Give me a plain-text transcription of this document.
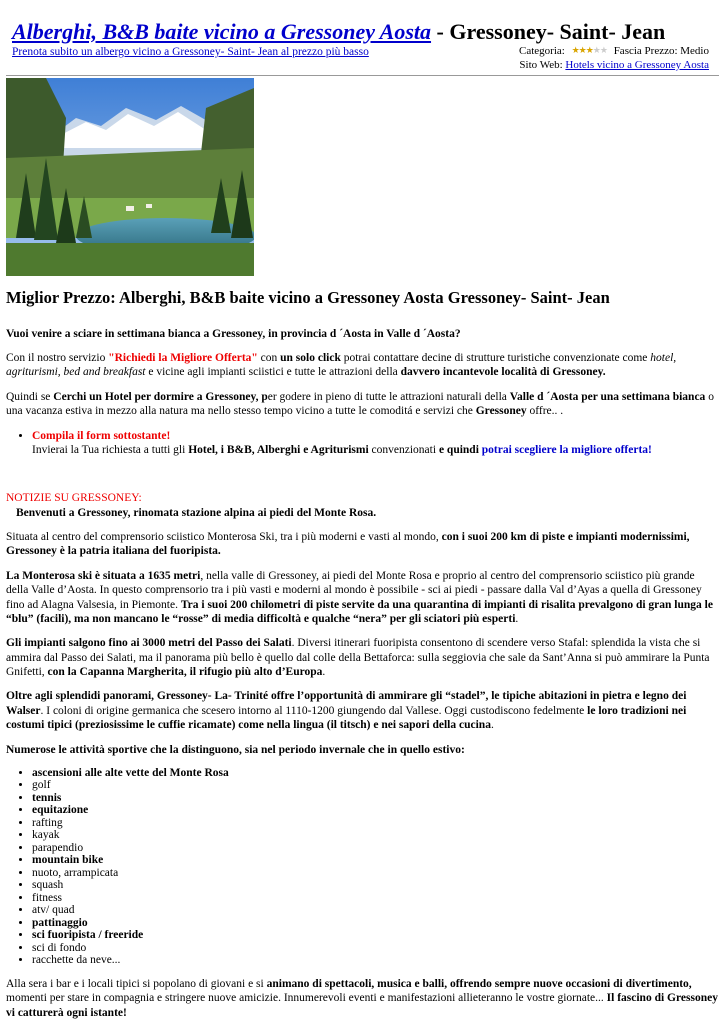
Alberghi, B&B baite vicino a Gressoney Aosta - Gressoney- Saint- Jean
Prenota subito un albergo vicino a Gressoney- Saint- Jean al prezzo più basso	Categoria: ★★★★★ Fascia Prezzo: Medio
Sito Web: Hotels vicino a Gressoney Aosta
Miglior Prezzo: Alberghi, B&B baite vicino a Gressoney Aosta Gressoney- Saint- Jean

Vuoi venire a sciare in settimana bianca a Gressoney, in provincia d ´Aosta in Valle d ´Aosta?

Con il nostro servizio "Richiedi la Migliore Offerta" con un solo click potrai contattare decine di strutture turistiche convenzionate come hotel, agriturismi, bed and breakfast e vicine agli impianti sciistici e tutte le attrazioni della davvero incantevole località di Gressoney.

Quindi se Cerchi un Hotel per dormire a Gressoney, per godere in pieno di tutte le attrazioni naturali della Valle d ´Aosta per una settimana bianca o una vacanza estiva in mezzo alla natura ma nello stesso tempo vicino a tutte le comoditá e servizi che Gressoney offre.. .

• Compila il form sottostante!
Invierai la Tua richiesta a tutti gli Hotel, i B&B, Alberghi e Agriturismi convenzionati e quindi potrai scegliere la migliore offerta!
NOTIZIE SU GRESSONEY:

Benvenuti a Gressoney, rinomata stazione alpina ai piedi del Monte Rosa.

Situata al centro del comprensorio sciistico Monterosa Ski, tra i più moderni e vasti al mondo, con i suoi 200 km di piste e impianti modernissimi, Gressoney è la patria italiana del fuoripista.

La Monterosa ski è situata a 1635 metri, nella valle di Gressoney, ai piedi del Monte Rosa e proprio al centro del comprensorio sciistico più grande della Valle d’Aosta. In questo comprensorio tra i più vasti e moderni al mondo è possibile - sci ai piedi - passare dalla Val d’Ayas a quella di Gressoney fino ad Alagna Valsesia, in Piemonte. Tra i suoi 200 chilometri di piste servite da una quarantina di impianti di risalita prevalgono di gran lunga le “blu” (facili), ma non mancano le “rosse” di media difficoltà e qualche “nera” per gli sciatori più esperti.

Gli impianti salgono fino ai 3000 metri del Passo dei Salati. Diversi itinerari fuoripista consentono di scendere verso Stafal: splendida la vista che si ammira dal Passo dei Salati, ma il panorama più bello è quello dal colle della Bettaforca: sulla seggiovia che sale da Sant’Anna si può ammirare la Punta Gnifetti, con la Capanna Margherita, il rifugio più alto d’Europa.

Oltre agli splendidi panorami, Gressoney- La- Trinité offre l’opportunità di ammirare gli “stadel”, le tipiche abitazioni in pietra e legno dei Walser. I coloni di origine germanica che scesero intorno al 1110-1200 giungendo dal Vallese. Oggi custodiscono fedelmente le loro tradizioni nei costumi tipici (preziosissime le cuffie ricamate) come nella lingua (il titsch) e nei sapori della cucina.

Numerose le attività sportive che la distinguono, sia nel periodo invernale che in quello estivo:

• ascensioni alle alte vette del Monte Rosa
• golf
• tennis
• equitazione
• rafting
• kayak
• parapendio
• mountain bike
• nuoto, arrampicata
• squash
• fitness
• atv/ quad
• pattinaggio
• sci fuoripista / freeride
• sci di fondo
• racchette da neve...

Alla sera i bar e i locali tipici si popolano di giovani e si animano di spettacoli, musica e balli, offrendo sempre nuove occasioni di divertimento, momenti per stare in compagnia e stringere nuove amicizie. Innumerevoli eventi e manifestazioni allieteranno le vostre giornate... Il fascino di Gressoney vi catturerà ogni istante!
